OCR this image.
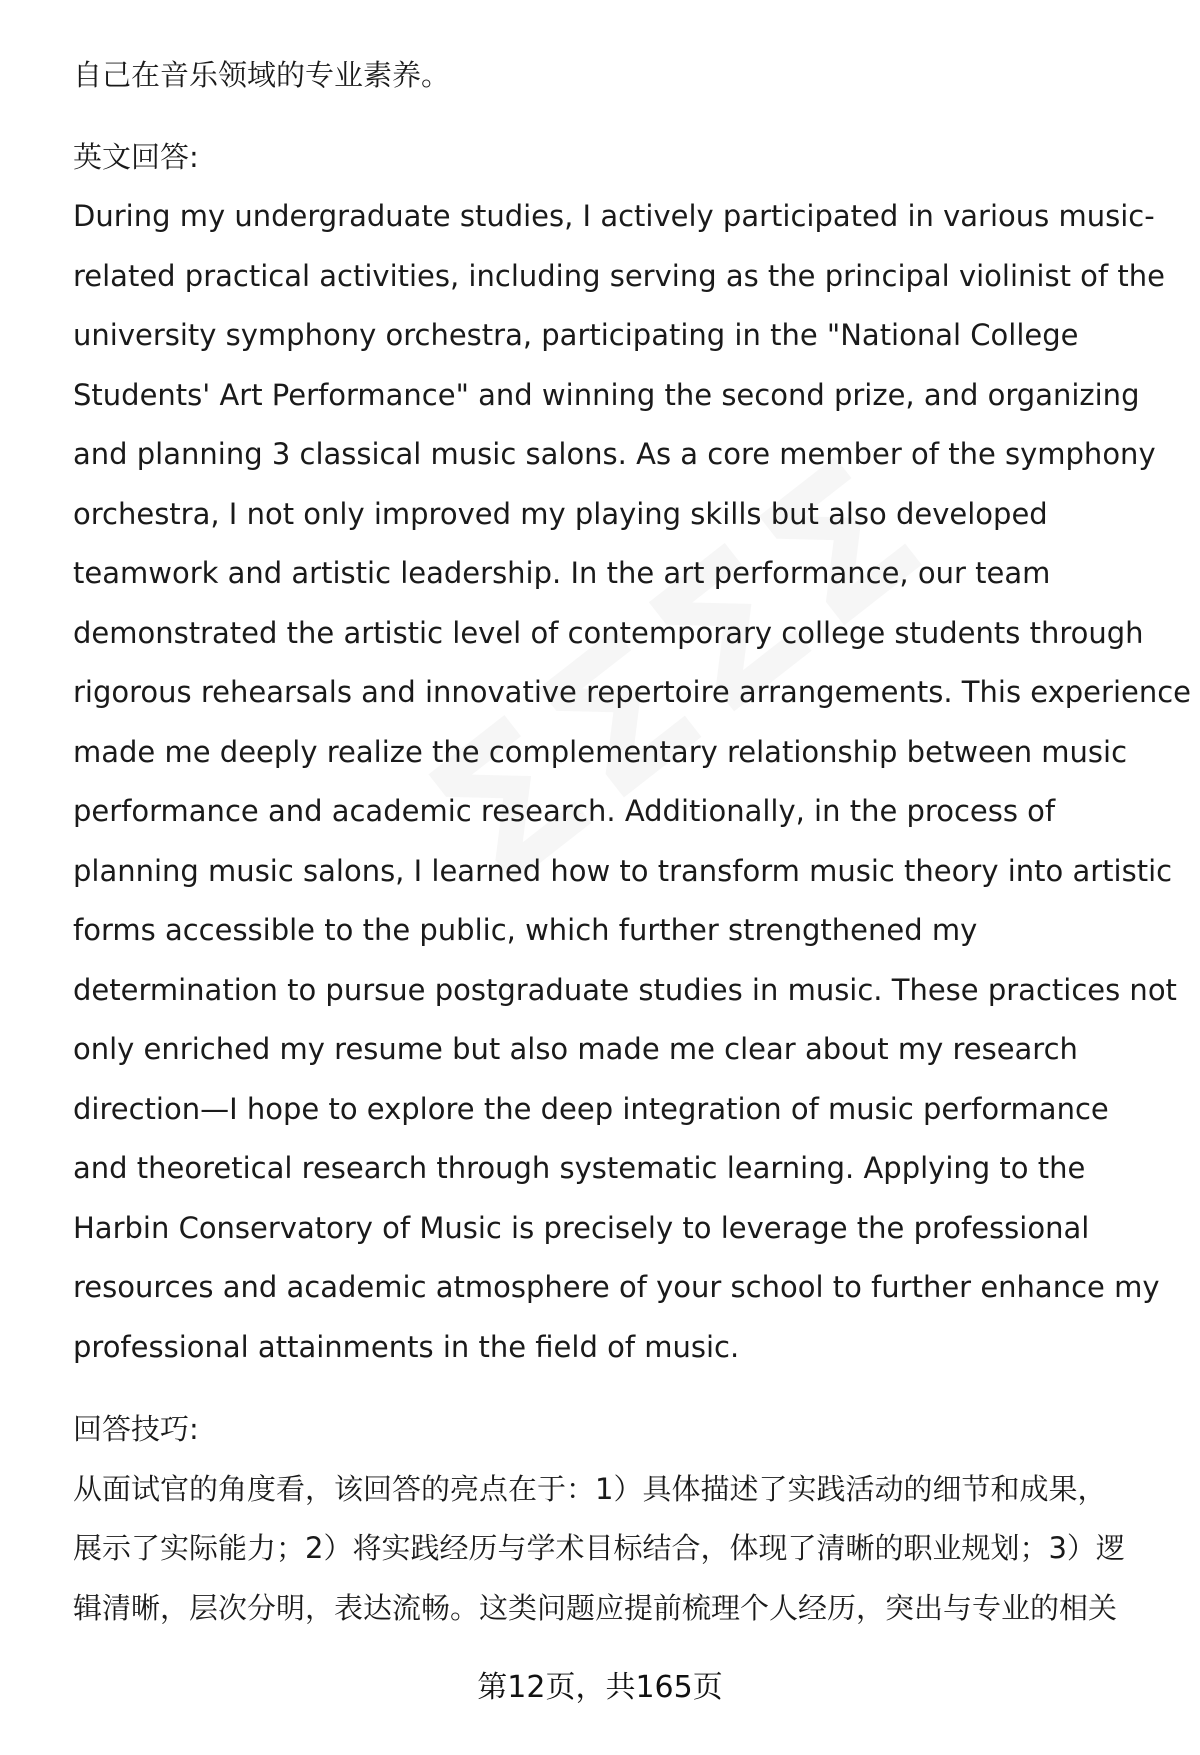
自己在音乐领域的专业素养。

英文回答:
During my undergraduate studies, I actively participated in various music-
related practical activities, including serving as the principal violinist of the
university symphony orchestra, participating in the "National College
Students' Art Performance" and winning the second prize, and organizing
and planning 3 classical music salons. As a core member of the symphony
orchestra, I not only improved my playing skills but also developed
teamwork and artistic leadership. In the art performance, our team
demonstrated the artistic level of contemporary college students through
rigorous rehearsals and innovative repertoire arrangements. This experience
made me deeply realize the complementary relationship between music
performance and academic research. Additionally, in the process of
planning music salons, I learned how to transform music theory into artistic
forms accessible to the public, which further strengthened my
determination to pursue postgraduate studies in music. These practices not
only enriched my resume but also made me clear about my research
direction—I hope to explore the deep integration of music performance
and theoretical research through systematic learning. Applying to the
Harbin Conservatory of Music is precisely to leverage the professional
resources and academic atmosphere of your school to further enhance my
professional attainments in the field of music.

回答技巧:
从面试官的角度看，该回答的亮点在于：1）具体描述了实践活动的细节和成果，
展示了实际能力；2）将实践经历与学术目标结合，体现了清晰的职业规划；3）逻
辑清晰，层次分明，表达流畅。这类问题应提前梳理个人经历，突出与专业的相关

第12页，共165页
